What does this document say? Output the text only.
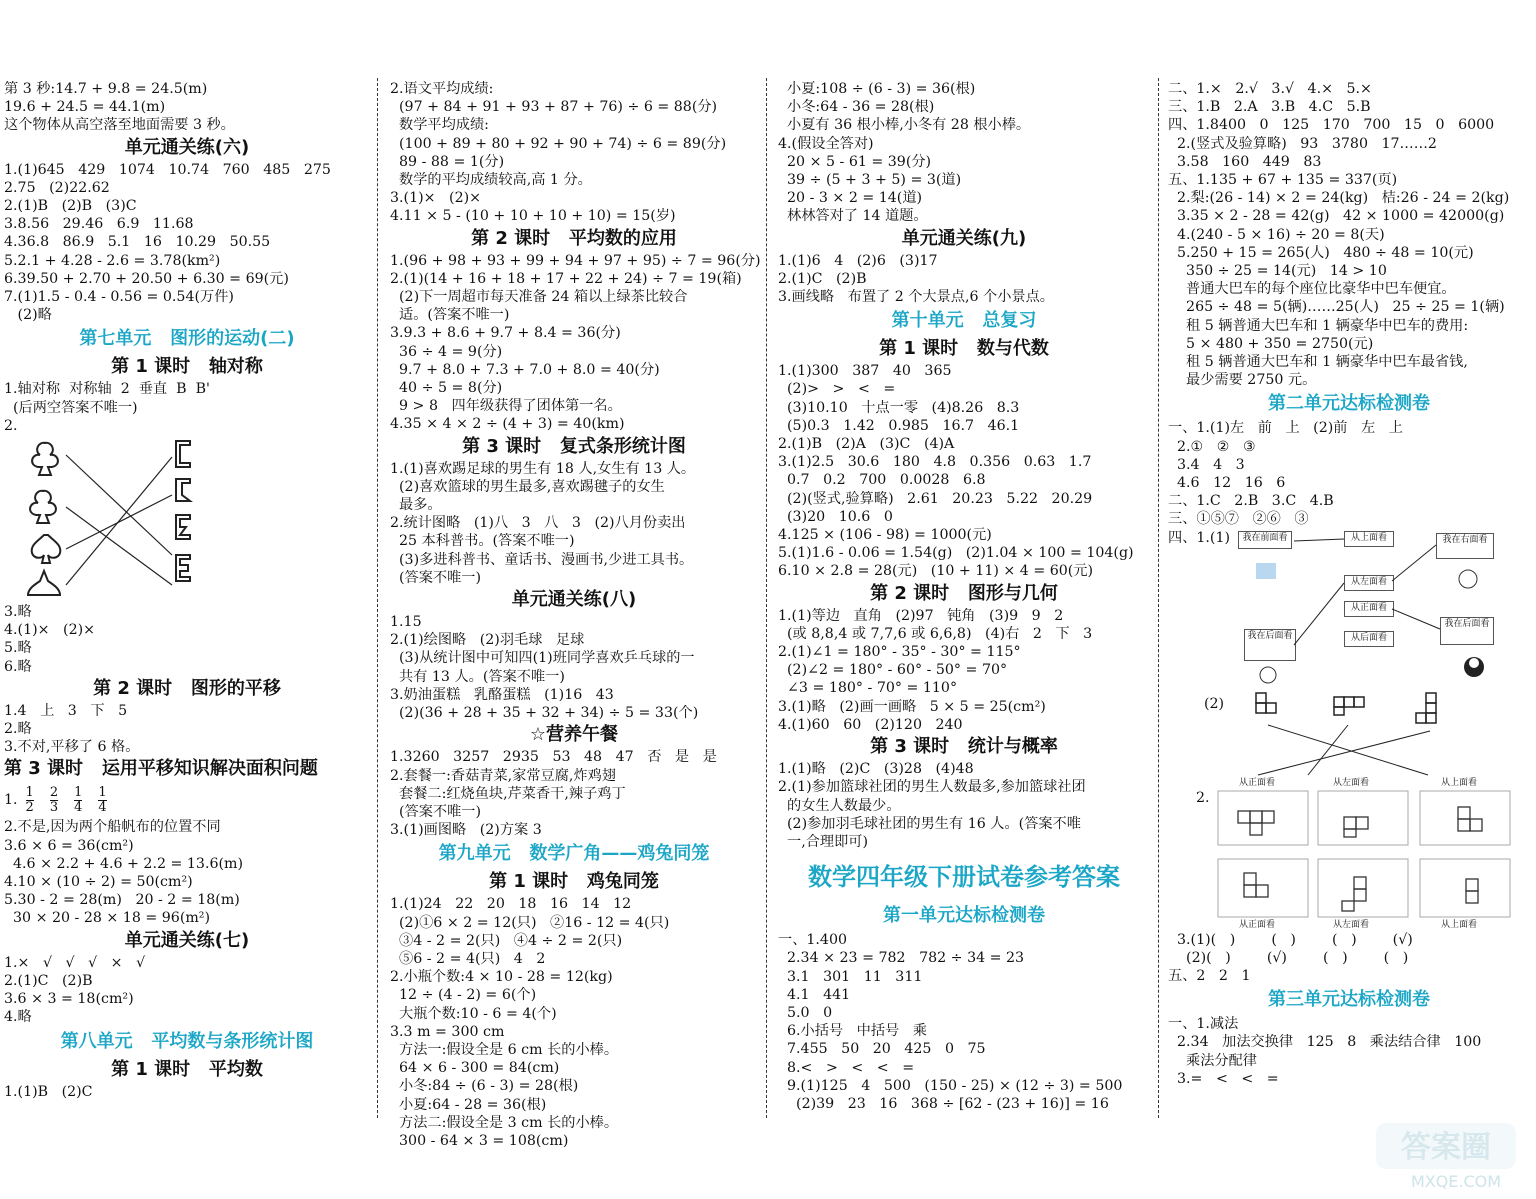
第 3 秒:14.7 + 9.8 = 24.5(m)
19.6 + 24.5 = 44.1(m)
这个物体从高空落至地面需要 3 秒。
单元通关练(六)
1.(1)645   429   1074   10.74   760   485   275
2.75   (2)22.62
2.(1)B   (2)B   (3)C
3.8.56   29.46   6.9   11.68
4.36.8   86.9   5.1   16   10.29   50.55
5.2.1 + 4.28 - 2.6 = 3.78(km²)
6.39.50 + 2.70 + 20.50 + 6.30 = 69(元)
7.(1)1.5 - 0.4 - 0.56 = 0.54(万件)
(2)略
第七单元   图形的运动(二)
第 1 课时   轴对称
1.轴对称  对称轴  2  垂直  B  B'
(后两空答案不唯一)
2.
3.略
4.(1)×   (2)×
5.略
6.略
第 2 课时   图形的平移
1.4   上   3   下   5
2.略
3.不对,平移了 6 格。
第 3 课时   运用平移知识解决面积问题
1. $\frac{1}{2} \frac{2}{3} \frac{1}{4} \frac{1}{4}$
2.不是,因为两个船帆布的位置不同
3.6 × 6 = 36(cm²)
4.6 × 2.2 + 4.6 + 2.2 = 13.6(m)
4.10 × (10 ÷ 2) = 50(cm²)
5.30 - 2 = 28(m)   20 - 2 = 18(m)
30 × 20 - 28 × 18 = 96(m²)
单元通关练(七)
1.×   √   √   √   ×   √
2.(1)C   (2)B
3.6 × 3 = 18(cm²)
4.略
第八单元   平均数与条形统计图
第 1 课时   平均数
1.(1)B   (2)C
2.语文平均成绩:
(97 + 84 + 91 + 93 + 87 + 76) ÷ 6 = 88(分)
数学平均成绩:
(100 + 89 + 80 + 92 + 90 + 74) ÷ 6 = 89(分)
89 - 88 = 1(分)
数学的平均成绩较高,高 1 分。
3.(1)×   (2)×
4.11 × 5 - (10 + 10 + 10 + 10) = 15(岁)
第 2 课时   平均数的应用
1.(96 + 98 + 93 + 99 + 94 + 97 + 95) ÷ 7 = 96(分)
2.(1)(14 + 16 + 18 + 17 + 22 + 24) ÷ 7 = 19(箱)
(2)下一周超市每天准备 24 箱以上绿茶比较合
适。(答案不唯一)
3.9.3 + 8.6 + 9.7 + 8.4 = 36(分)
36 ÷ 4 = 9(分)
9.7 + 8.0 + 7.3 + 7.0 + 8.0 = 40(分)
40 ÷ 5 = 8(分)
9 > 8   四年级获得了团体第一名。
4.35 × 4 × 2 ÷ (4 + 3) = 40(km)
第 3 课时   复式条形统计图
1.(1)喜欢踢足球的男生有 18 人,女生有 13 人。
(2)喜欢篮球的男生最多,喜欢踢毽子的女生
最多。
2.统计图略   (1)八   3   八   3   (2)八月份卖出
25 本科普书。(答案不唯一)
(3)多进科普书、童话书、漫画书,少进工具书。
(答案不唯一)
单元通关练(八)
1.15
2.(1)绘图略   (2)羽毛球   足球
(3)从统计图中可知四(1)班同学喜欢乒乓球的一
共有 13 人。(答案不唯一)
3.奶油蛋糕   乳酪蛋糕   (1)16   43
(2)(36 + 28 + 35 + 32 + 34) ÷ 5 = 33(个)
☆营养午餐
1.3260   3257   2935   53   48   47   否   是   是
2.套餐一:香菇青菜,家常豆腐,炸鸡翅
套餐二:红烧鱼块,芹菜香干,辣子鸡丁
(答案不唯一)
3.(1)画图略   (2)方案 3
第九单元   数学广角——鸡兔同笼
第 1 课时   鸡兔同笼
1.(1)24   22   20   18   16   14   12
(2)①6 × 2 = 12(只)   ②16 - 12 = 4(只)
③4 - 2 = 2(只)   ④4 ÷ 2 = 2(只)
⑤6 - 2 = 4(只)   4   2
2.小瓶个数:4 × 10 - 28 = 12(kg)
12 ÷ (4 - 2) = 6(个)
大瓶个数:10 - 6 = 4(个)
3.3 m = 300 cm
方法一:假设全是 6 cm 长的小棒。
64 × 6 - 300 = 84(cm)
小冬:84 ÷ (6 - 3) = 28(根)
小夏:64 - 28 = 36(根)
方法二:假设全是 3 cm 长的小棒。
300 - 64 × 3 = 108(cm)
小夏:108 ÷ (6 - 3) = 36(根)
小冬:64 - 36 = 28(根)
小夏有 36 根小棒,小冬有 28 根小棒。
4.(假设全答对)
20 × 5 - 61 = 39(分)
39 ÷ (5 + 3 + 5) = 3(道)
20 - 3 × 2 = 14(道)
林林答对了 14 道题。
单元通关练(九)
1.(1)6   4   (2)6   (3)17
2.(1)C   (2)B
3.画线略   布置了 2 个大景点,6 个小景点。
第十单元   总复习
第 1 课时   数与代数
1.(1)300   387   40   365
(2)>   >   <   =
(3)10.10   十点一零   (4)8.26   8.3
(5)0.3   1.42   0.985   16.7   46.1
2.(1)B   (2)A   (3)C   (4)A
3.(1)2.5   30.6   180   4.8   0.356   0.63   1.7
0.7   0.2   700   0.0028   6.8
(2)(竖式,验算略)   2.61   20.23   5.22   20.29
(3)20   10.6   0
4.125 × (106 - 98) = 1000(元)
5.(1)1.6 - 0.06 = 1.54(g)   (2)1.04 × 100 = 104(g)
6.10 × 2.8 = 28(元)   (10 + 11) × 4 = 60(元)
第 2 课时   图形与几何
1.(1)等边   直角   (2)97   钝角   (3)9   9   2
(或 8,8,4 或 7,7,6 或 6,6,8)   (4)右   2   下   3
2.(1)∠1 = 180° - 35° - 30° = 115°
(2)∠2 = 180° - 60° - 50° = 70°
∠3 = 180° - 70° = 110°
3.(1)略   (2)画一画略   5 × 5 = 25(cm²)
4.(1)60   60   (2)120   240
第 3 课时   统计与概率
1.(1)略   (2)C   (3)28   (4)48
2.(1)参加篮球社团的男生人数最多,参加篮球社团
的女生人数最少。
(2)参加羽毛球社团的男生有 16 人。(答案不唯
一,合理即可)
数学四年级下册试卷参考答案
第一单元达标检测卷
一、1.400
2.34 × 23 = 782   782 ÷ 34 = 23
3.1   301   11   311
4.1   441
5.0   0
6.小括号   中括号   乘
7.455   50   20   425   0   75
8.<   >   <   <   =
9.(1)125   4   500   (150 - 25) × (12 ÷ 3) = 500
(2)39   23   16   368 ÷ [62 - (23 + 16)] = 16
二、1.×   2.√   3.√   4.×   5.×
三、1.B   2.A   3.B   4.C   5.B
四、1.8400   0   125   170   700   15   0   6000
2.(竖式及验算略)   93   3780   17……2
3.58   160   449   83
五、1.135 + 67 + 135 = 337(页)
2.梨:(26 - 14) × 2 = 24(kg)   桔:26 - 24 = 2(kg)
3.35 × 2 - 28 = 42(g)   42 × 1000 = 42000(g)
4.(240 - 5 × 16) ÷ 20 = 8(天)
5.250 + 15 = 265(人)   480 ÷ 48 = 10(元)
350 ÷ 25 = 14(元)   14 > 10
普通大巴车的每个座位比豪华中巴车便宜。
265 ÷ 48 = 5(辆)……25(人)   25 ÷ 25 = 1(辆)
租 5 辆普通大巴车和 1 辆豪华中巴车的费用:
5 × 480 + 350 = 2750(元)
租 5 辆普通大巴车和 1 辆豪华中巴车最省钱,
最少需要 2750 元。
第二单元达标检测卷
一、1.(1)左   前   上   (2)前   左   上
2.①   ②   ③
3.4   4   3
4.6   12   16   6
二、1.C   2.B   3.C   4.B
三、①⑤⑦   ②⑥   ③
四、1.(1)	我在前面看	从上面看	我在右面看
从左面看
从正面看
我在后面看
我在后面看
从后面看
(2)
2.
从正面看	从左面看	从上面看
从正面看	从左面看	从上面看
3.(1)(   )        (   )        (   )        (√)
(2)(   )        (√)        (   )        (   )
五、2   2   1
第三单元达标检测卷
一、1.减法
2.34   加法交换律   125   8   乘法结合律   100
乘法分配律
3.=   <   <   =
答案圈
MXQE.COM
